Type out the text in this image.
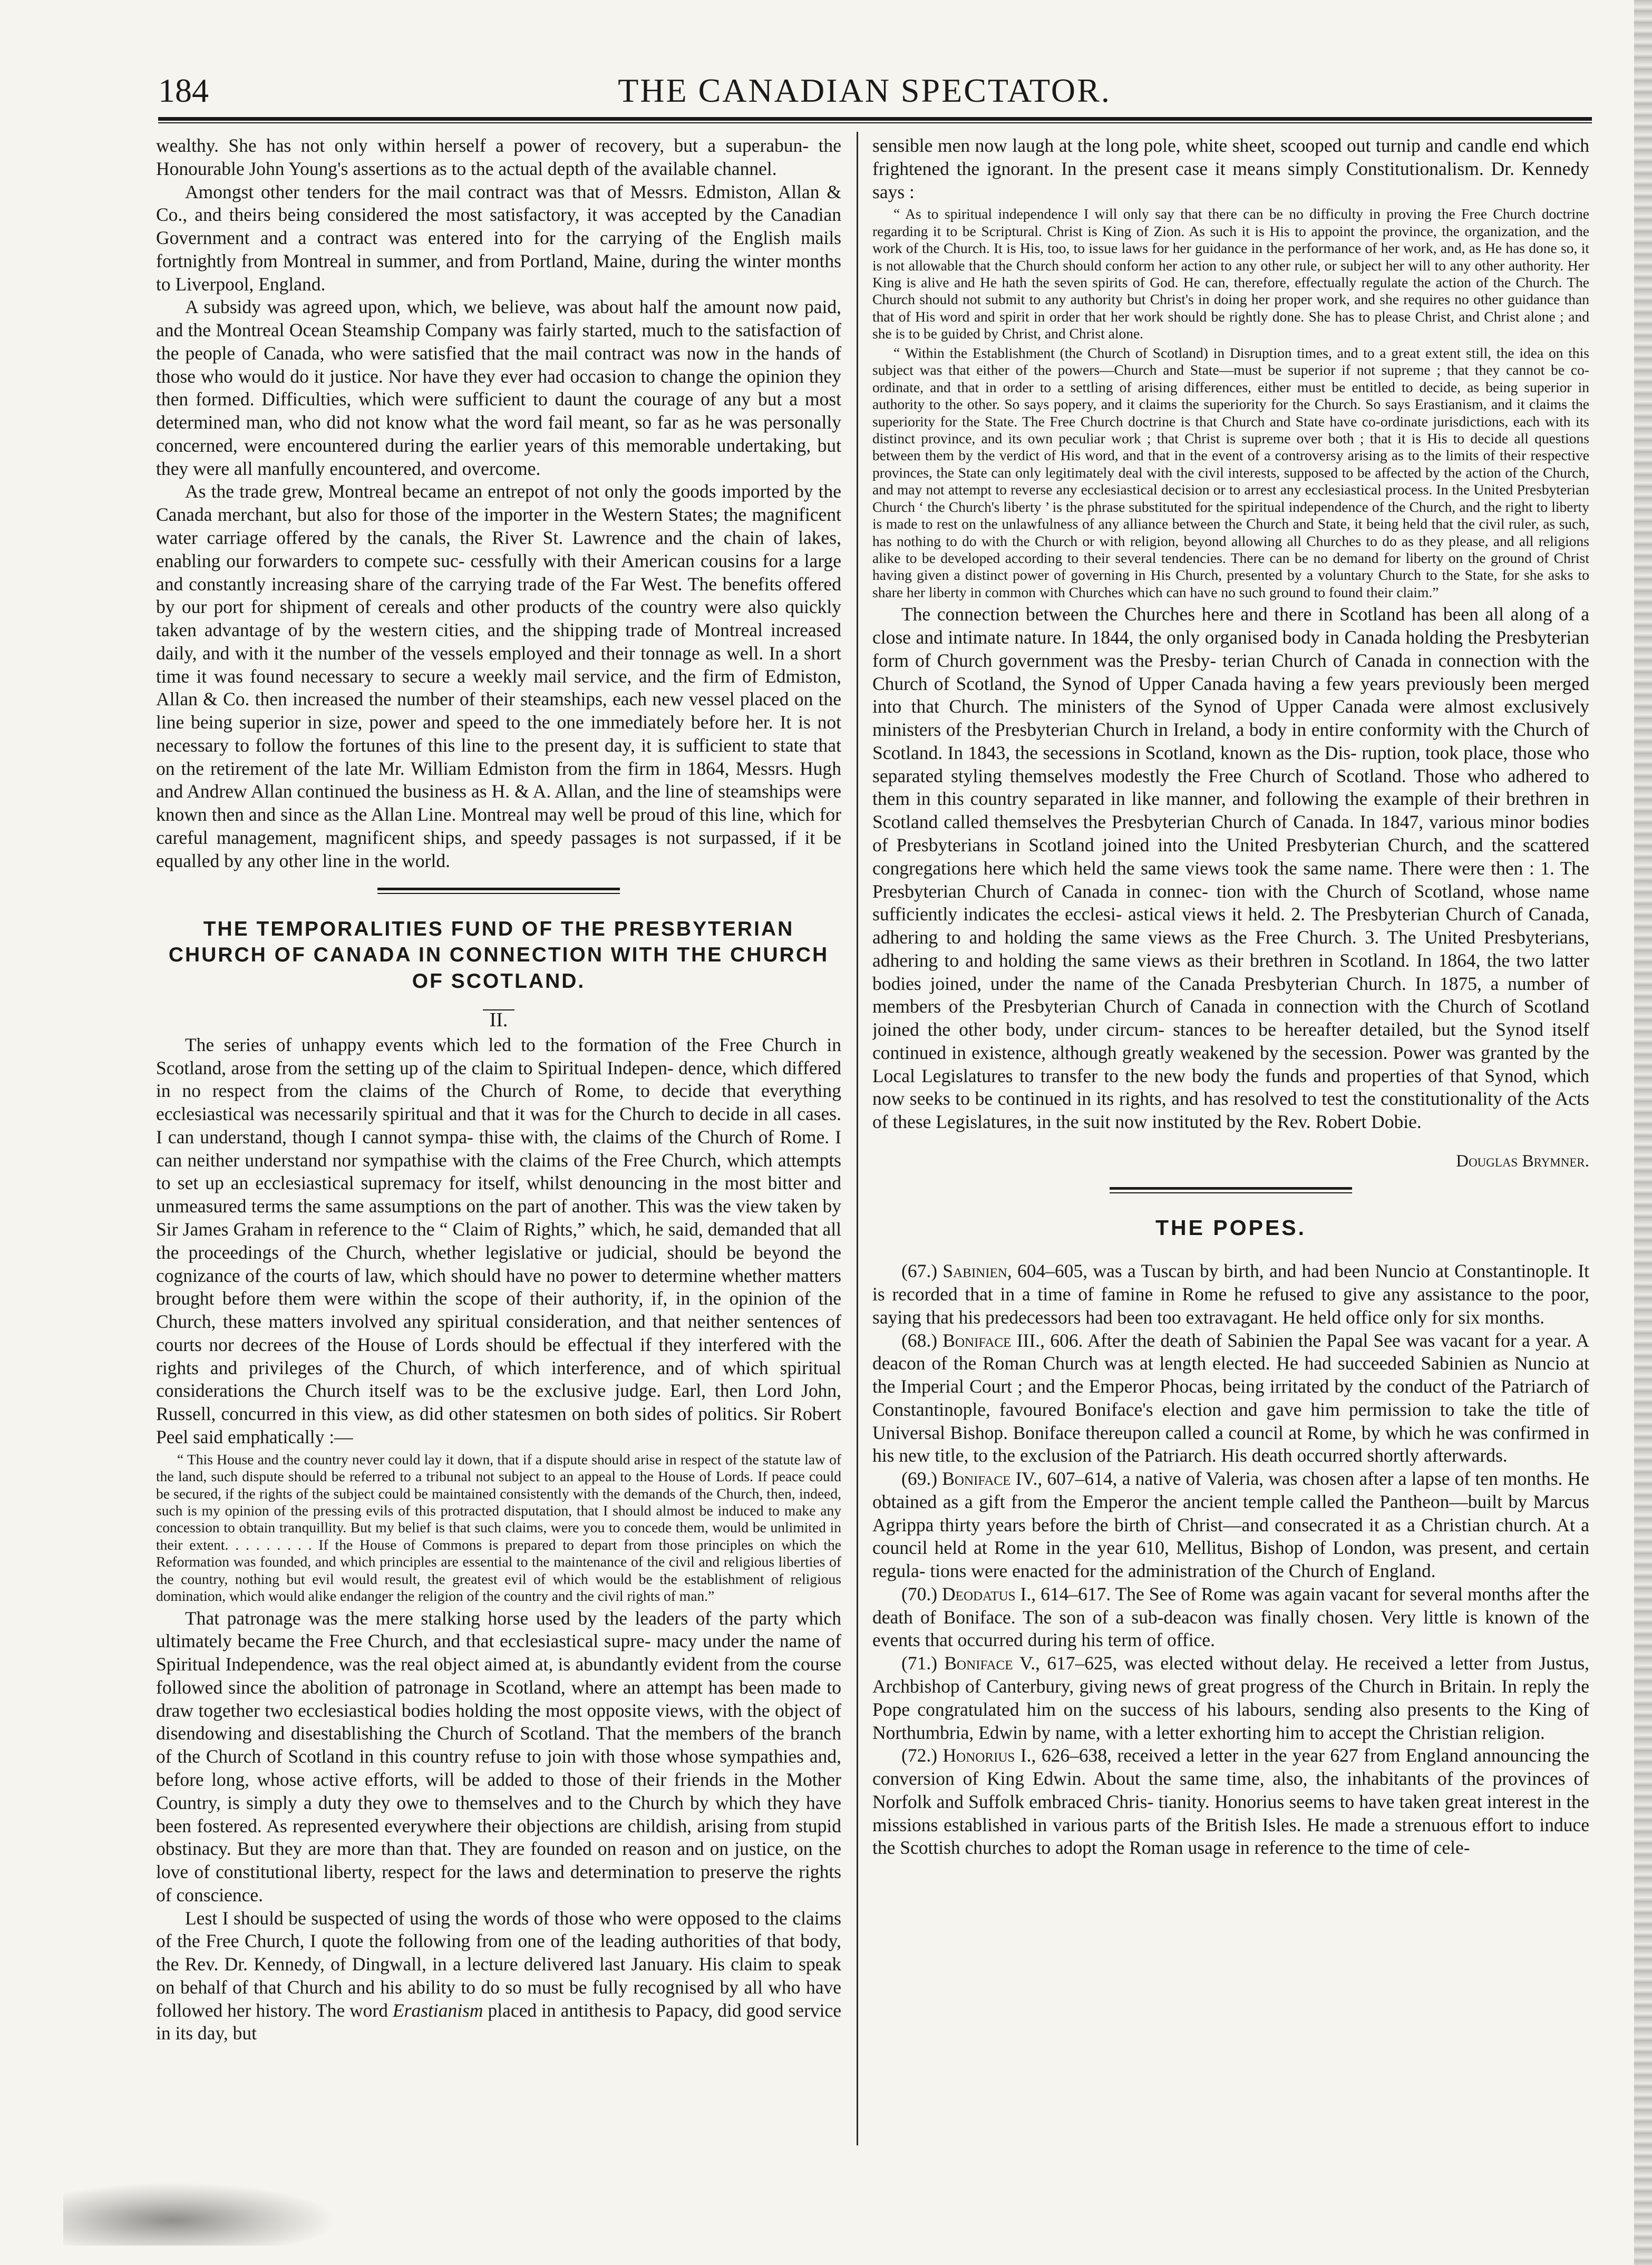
184	THE CANADIAN SPECTATOR.

wealthy. She has not only within herself a power of recovery, but a superabun- the Honourable John Young's assertions as to the actual depth of the available channel.

Amongst other tenders for the mail contract was that of Messrs. Edmiston, Allan & Co., and theirs being considered the most satisfactory, it was accepted by the Canadian Government and a contract was entered into for the carrying of the English mails fortnightly from Montreal in summer, and from Portland, Maine, during the winter months to Liverpool, England.

A subsidy was agreed upon, which, we believe, was about half the amount now paid, and the Montreal Ocean Steamship Company was fairly started, much to the satisfaction of the people of Canada, who were satisfied that the mail contract was now in the hands of those who would do it justice. Nor have they ever had occasion to change the opinion they then formed. Difficulties, which were sufficient to daunt the courage of any but a most determined man, who did not know what the word fail meant, so far as he was personally concerned, were encountered during the earlier years of this memorable undertaking, but they were all manfully encountered, and overcome.

As the trade grew, Montreal became an entrepot of not only the goods imported by the Canada merchant, but also for those of the importer in the Western States; the magnificent water carriage offered by the canals, the River St. Lawrence and the chain of lakes, enabling our forwarders to compete suc- cessfully with their American cousins for a large and constantly increasing share of the carrying trade of the Far West. The benefits offered by our port for shipment of cereals and other products of the country were also quickly taken advantage of by the western cities, and the shipping trade of Montreal increased daily, and with it the number of the vessels employed and their tonnage as well. In a short time it was found necessary to secure a weekly mail service, and the firm of Edmiston, Allan & Co. then increased the number of their steamships, each new vessel placed on the line being superior in size, power and speed to the one immediately before her. It is not necessary to follow the fortunes of this line to the present day, it is sufficient to state that on the retirement of the late Mr. William Edmiston from the firm in 1864, Messrs. Hugh and Andrew Allan continued the business as H. & A. Allan, and the line of steamships were known then and since as the Allan Line. Montreal may well be proud of this line, which for careful management, magnificent ships, and speedy passages is not surpassed, if it be equalled by any other line in the world.

THE TEMPORALITIES FUND OF THE PRESBYTERIAN CHURCH OF CANADA IN CONNECTION WITH THE CHURCH OF SCOTLAND.
II.

The series of unhappy events which led to the formation of the Free Church in Scotland, arose from the setting up of the claim to Spiritual Indepen- dence, which differed in no respect from the claims of the Church of Rome, to decide that everything ecclesiastical was necessarily spiritual and that it was for the Church to decide in all cases. I can understand, though I cannot sympa- thise with, the claims of the Church of Rome. I can neither understand nor sympathise with the claims of the Free Church, which attempts to set up an ecclesiastical supremacy for itself, whilst denouncing in the most bitter and unmeasured terms the same assumptions on the part of another. This was the view taken by Sir James Graham in reference to the “ Claim of Rights,” which, he said, demanded that all the proceedings of the Church, whether legislative or judicial, should be beyond the cognizance of the courts of law, which should have no power to determine whether matters brought before them were within the scope of their authority, if, in the opinion of the Church, these matters involved any spiritual consideration, and that neither sentences of courts nor decrees of the House of Lords should be effectual if they interfered with the rights and privileges of the Church, of which interference, and of which spiritual considerations the Church itself was to be the exclusive judge. Earl, then Lord John, Russell, concurred in this view, as did other statesmen on both sides of politics. Sir Robert Peel said emphatically :—

“ This House and the country never could lay it down, that if a dispute should arise in respect of the statute law of the land, such dispute should be referred to a tribunal not subject to an appeal to the House of Lords. If peace could be secured, if the rights of the subject could be maintained consistently with the demands of the Church, then, indeed, such is my opinion of the pressing evils of this protracted disputation, that I should almost be induced to make any concession to obtain tranquillity. But my belief is that such claims, were you to concede them, would be unlimited in their extent. . . . . . . . . If the House of Commons is prepared to depart from those principles on which the Reformation was founded, and which principles are essential to the maintenance of the civil and religious liberties of the country, nothing but evil would result, the greatest evil of which would be the establishment of religious domination, which would alike endanger the religion of the country and the civil rights of man.”

That patronage was the mere stalking horse used by the leaders of the party which ultimately became the Free Church, and that ecclesiastical supre- macy under the name of Spiritual Independence, was the real object aimed at, is abundantly evident from the course followed since the abolition of patronage in Scotland, where an attempt has been made to draw together two ecclesiastical bodies holding the most opposite views, with the object of disendowing and disestablishing the Church of Scotland. That the members of the branch of the Church of Scotland in this country refuse to join with those whose sympathies and, before long, whose active efforts, will be added to those of their friends in the Mother Country, is simply a duty they owe to themselves and to the Church by which they have been fostered. As represented everywhere their objections are childish, arising from stupid obstinacy. But they are more than that. They are founded on reason and on justice, on the love of constitutional liberty, respect for the laws and determination to preserve the rights of conscience.

Lest I should be suspected of using the words of those who were opposed to the claims of the Free Church, I quote the following from one of the leading authorities of that body, the Rev. Dr. Kennedy, of Dingwall, in a lecture delivered last January. His claim to speak on behalf of that Church and his ability to do so must be fully recognised by all who have followed her history. The word Erastianism placed in antithesis to Papacy, did good service in its day, but

sensible men now laugh at the long pole, white sheet, scooped out turnip and candle end which frightened the ignorant. In the present case it means simply Constitutionalism. Dr. Kennedy says :

“ As to spiritual independence I will only say that there can be no difficulty in proving the Free Church doctrine regarding it to be Scriptural. Christ is King of Zion. As such it is His to appoint the province, the organization, and the work of the Church. It is His, too, to issue laws for her guidance in the performance of her work, and, as He has done so, it is not allowable that the Church should conform her action to any other rule, or subject her will to any other authority. Her King is alive and He hath the seven spirits of God. He can, therefore, effectually regulate the action of the Church. The Church should not submit to any authority but Christ's in doing her proper work, and she requires no other guidance than that of His word and spirit in order that her work should be rightly done. She has to please Christ, and Christ alone ; and she is to be guided by Christ, and Christ alone.

“ Within the Establishment (the Church of Scotland) in Disruption times, and to a great extent still, the idea on this subject was that either of the powers—Church and State—must be superior if not supreme ; that they cannot be co-ordinate, and that in order to a settling of arising differences, either must be entitled to decide, as being superior in authority to the other. So says popery, and it claims the superiority for the Church. So says Erastianism, and it claims the superiority for the State. The Free Church doctrine is that Church and State have co-ordinate jurisdictions, each with its distinct province, and its own peculiar work ; that Christ is supreme over both ; that it is His to decide all questions between them by the verdict of His word, and that in the event of a controversy arising as to the limits of their respective provinces, the State can only legitimately deal with the civil interests, supposed to be affected by the action of the Church, and may not attempt to reverse any ecclesiastical decision or to arrest any ecclesiastical process. In the United Presbyterian Church ‘ the Church's liberty ’ is the phrase substituted for the spiritual independence of the Church, and the right to liberty is made to rest on the unlawfulness of any alliance between the Church and State, it being held that the civil ruler, as such, has nothing to do with the Church or with religion, beyond allowing all Churches to do as they please, and all religions alike to be developed according to their several tendencies. There can be no demand for liberty on the ground of Christ having given a distinct power of governing in His Church, presented by a voluntary Church to the State, for she asks to share her liberty in common with Churches which can have no such ground to found their claim.”

The connection between the Churches here and there in Scotland has been all along of a close and intimate nature. In 1844, the only organised body in Canada holding the Presbyterian form of Church government was the Presby- terian Church of Canada in connection with the Church of Scotland, the Synod of Upper Canada having a few years previously been merged into that Church. The ministers of the Synod of Upper Canada were almost exclusively ministers of the Presbyterian Church in Ireland, a body in entire conformity with the Church of Scotland. In 1843, the secessions in Scotland, known as the Dis- ruption, took place, those who separated styling themselves modestly the Free Church of Scotland. Those who adhered to them in this country separated in like manner, and following the example of their brethren in Scotland called themselves the Presbyterian Church of Canada. In 1847, various minor bodies of Presbyterians in Scotland joined into the United Presbyterian Church, and the scattered congregations here which held the same views took the same name. There were then : 1. The Presbyterian Church of Canada in connec- tion with the Church of Scotland, whose name sufficiently indicates the ecclesi- astical views it held. 2. The Presbyterian Church of Canada, adhering to and holding the same views as the Free Church. 3. The United Presbyterians, adhering to and holding the same views as their brethren in Scotland. In 1864, the two latter bodies joined, under the name of the Canada Presbyterian Church. In 1875, a number of members of the Presbyterian Church of Canada in connection with the Church of Scotland joined the other body, under circum- stances to be hereafter detailed, but the Synod itself continued in existence, although greatly weakened by the secession. Power was granted by the Local Legislatures to transfer to the new body the funds and properties of that Synod, which now seeks to be continued in its rights, and has resolved to test the constitutionality of the Acts of these Legislatures, in the suit now instituted by the Rev. Robert Dobie.

Douglas Brymner.
THE POPES.

(67.) Sabinien, 604–605, was a Tuscan by birth, and had been Nuncio at Constantinople. It is recorded that in a time of famine in Rome he refused to give any assistance to the poor, saying that his predecessors had been too extravagant. He held office only for six months.

(68.) Boniface III., 606. After the death of Sabinien the Papal See was vacant for a year. A deacon of the Roman Church was at length elected. He had succeeded Sabinien as Nuncio at the Imperial Court ; and the Emperor Phocas, being irritated by the conduct of the Patriarch of Constantinople, favoured Boniface's election and gave him permission to take the title of Universal Bishop. Boniface thereupon called a council at Rome, by which he was confirmed in his new title, to the exclusion of the Patriarch. His death occurred shortly afterwards.

(69.) Boniface IV., 607–614, a native of Valeria, was chosen after a lapse of ten months. He obtained as a gift from the Emperor the ancient temple called the Pantheon—built by Marcus Agrippa thirty years before the birth of Christ—and consecrated it as a Christian church. At a council held at Rome in the year 610, Mellitus, Bishop of London, was present, and certain regula- tions were enacted for the administration of the Church of England.

(70.) Deodatus I., 614–617. The See of Rome was again vacant for several months after the death of Boniface. The son of a sub-deacon was finally chosen. Very little is known of the events that occurred during his term of office.

(71.) Boniface V., 617–625, was elected without delay. He received a letter from Justus, Archbishop of Canterbury, giving news of great progress of the Church in Britain. In reply the Pope congratulated him on the success of his labours, sending also presents to the King of Northumbria, Edwin by name, with a letter exhorting him to accept the Christian religion.

(72.) Honorius I., 626–638, received a letter in the year 627 from England announcing the conversion of King Edwin. About the same time, also, the inhabitants of the provinces of Norfolk and Suffolk embraced Chris- tianity. Honorius seems to have taken great interest in the missions established in various parts of the British Isles. He made a strenuous effort to induce the Scottish churches to adopt the Roman usage in reference to the time of cele-
